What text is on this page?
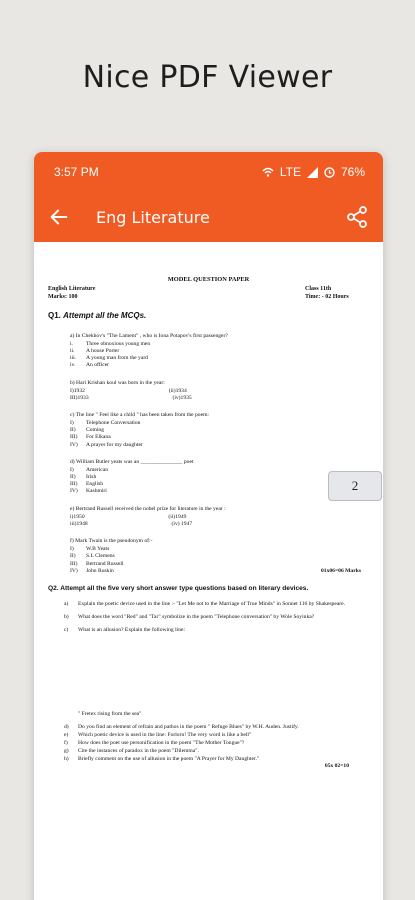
Nice PDF Viewer
3:57 PM	LTE	76%
Eng Literature
MODEL QUESTION PAPER
English Literature	Class 11th
Marks: 100	Time: - 02 Hours
Q1. Attempt all the MCQs.
a) In Chekhov's "The Lament" , who is Iona Potapov's first passenger?
i.	Three obnoxious young men
ii.	A house Porter
iii.	A young man from the yard
iv.	An officer
b) Hari Krishan koul was born in the year:
I) 1932	(ii)1934
III) 1933	(iv)1935
c) The line " Feel like a child " has been taken from the poem:
I)	Telephone Conversation
II)	Coming
III)	For Elkana
IV)	A prayer for my daughter
d) William Butler yeats was an _______________ poet
I)	American
II)	Irish
III)	English
IV)	Kashmiri
e) Bertrand Russell received the nobel prize for literature in the year :
i) 1950	(ii)1949
iii) 1948	(iv) 1947
f) Mark Twain is the pseudonym of:-
I)	W.B Yeats
II)	S.L Clemens
III)	Bertrand Russell
IV)	John Ruskin	01x06=06 Marks
Q2. Attempt all the five very short answer type questions based on literary devices.
a)	Explain the poetic device used in the line :- "Let Me not to the Marriage of True Minds" in Sonnet 116 by Shakespeare.
b)	What does the word "Red" and "Tar" symbolize in the poem "Telephone conversation" by Wole Soyinka?
c)	What is an allusion? Explain the following line:
" Fretex rising from the sea"
d)	Do you find an element of refrain and pathos in the poem " Refuge Blues" by W.H. Auden. Justify.
e)	Which poetic device is used in the line: Forlorn! The very word is like a bell"
f)	How does the poet use personification in the poem "The Mother Tongue"?
g)	Cite the instances of paradox in the poem "Dilemma".
h)	Briefly comment on the use of allusion in the poem "A Prayer for My Daughter."
05x 02=10
2
